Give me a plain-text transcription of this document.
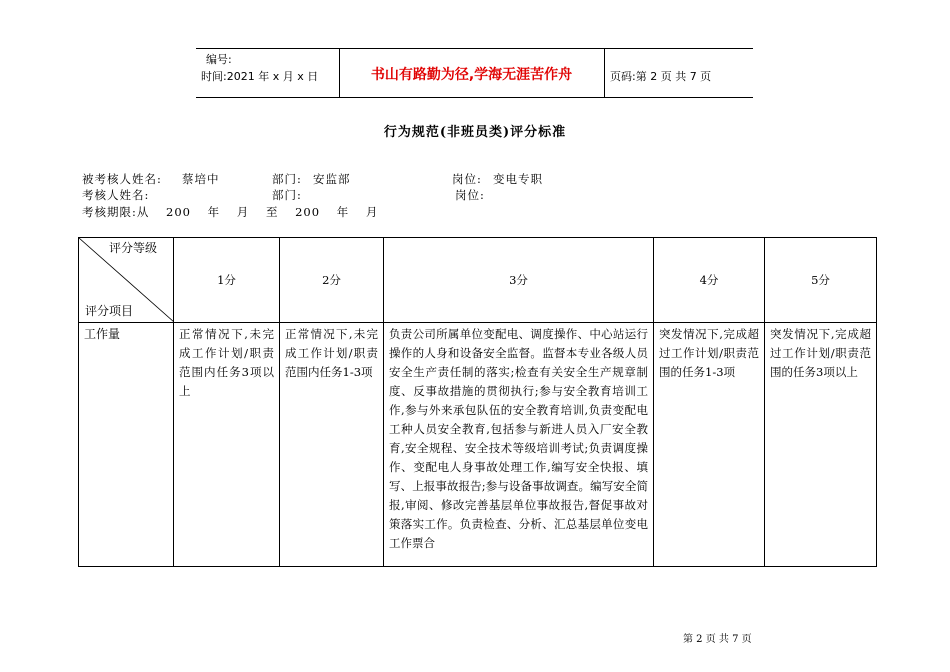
编号:
时间:2021 年 x 月 x 日	书山有路勤为径,学海无涯苦作舟	页码:第 2 页 共 7 页
行为规范(非班员类)评分标准
被考核人姓名: 蔡培中	部门: 安监部	岗位: 变电专职
考核人姓名:	部门:	岗位:
考核期限:从 200 年 月 至 200 年 月
评分等级
评分项目	1分	2分	3分	4分	5分
工作量	正常情况下,未完成工作计划/职责范围内任务3项以上	正常情况下,未完成工作计划/职责范围内任务1-3项	负责公司所属单位变配电、调度操作、中心站运行操作的人身和设备安全监督。监督本专业各级人员安全生产责任制的落实;检查有关安全生产规章制度、反事故措施的贯彻执行;参与安全教育培训工作,参与外来承包队伍的安全教育培训,负责变配电工种人员安全教育,包括参与新进人员入厂安全教育,安全规程、安全技术等级培训考试;负责调度操作、变配电人身事故处理工作,编写安全快报、填写、上报事故报告;参与设备事故调查。编写安全简报,审阅、修改完善基层单位事故报告,督促事故对策落实工作。负责检查、分析、汇总基层单位变电工作票合	突发情况下,完成超过工作计划/职责范围的任务1-3项	突发情况下,完成超过工作计划/职责范围的任务3项以上
第 2 页 共 7 页
